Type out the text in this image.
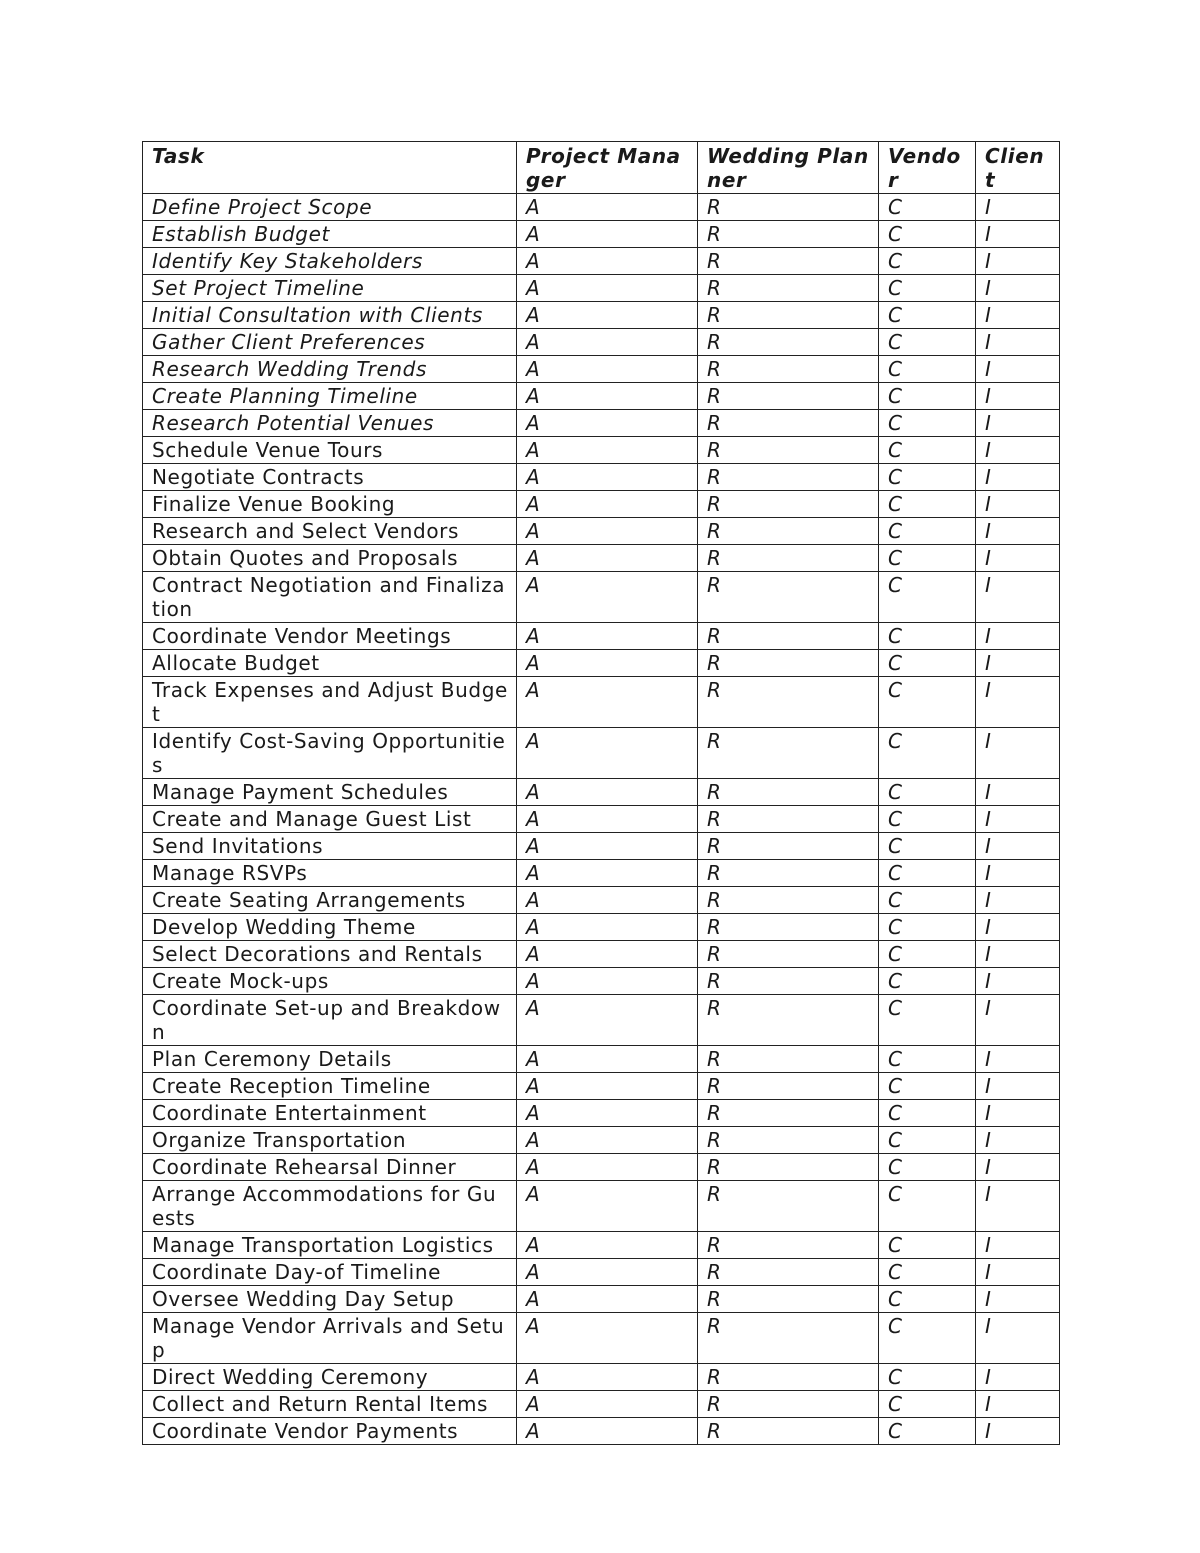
Task	Project Manager	Wedding Planner	Vendor	Client
Define Project Scope	A	R	C	I
Establish Budget	A	R	C	I
Identify Key Stakeholders	A	R	C	I
Set Project Timeline	A	R	C	I
Initial Consultation with Clients	A	R	C	I
Gather Client Preferences	A	R	C	I
Research Wedding Trends	A	R	C	I
Create Planning Timeline	A	R	C	I
Research Potential Venues	A	R	C	I
Schedule Venue Tours	A	R	C	I
Negotiate Contracts	A	R	C	I
Finalize Venue Booking	A	R	C	I
Research and Select Vendors	A	R	C	I
Obtain Quotes and Proposals	A	R	C	I
Contract Negotiation and Finalization	A	R	C	I
Coordinate Vendor Meetings	A	R	C	I
Allocate Budget	A	R	C	I
Track Expenses and Adjust Budget	A	R	C	I
Identify Cost-Saving Opportunities	A	R	C	I
Manage Payment Schedules	A	R	C	I
Create and Manage Guest List	A	R	C	I
Send Invitations	A	R	C	I
Manage RSVPs	A	R	C	I
Create Seating Arrangements	A	R	C	I
Develop Wedding Theme	A	R	C	I
Select Decorations and Rentals	A	R	C	I
Create Mock-ups	A	R	C	I
Coordinate Set-up and Breakdown	A	R	C	I
Plan Ceremony Details	A	R	C	I
Create Reception Timeline	A	R	C	I
Coordinate Entertainment	A	R	C	I
Organize Transportation	A	R	C	I
Coordinate Rehearsal Dinner	A	R	C	I
Arrange Accommodations for Guests	A	R	C	I
Manage Transportation Logistics	A	R	C	I
Coordinate Day-of Timeline	A	R	C	I
Oversee Wedding Day Setup	A	R	C	I
Manage Vendor Arrivals and Setup	A	R	C	I
Direct Wedding Ceremony	A	R	C	I
Collect and Return Rental Items	A	R	C	I
Coordinate Vendor Payments	A	R	C	I
